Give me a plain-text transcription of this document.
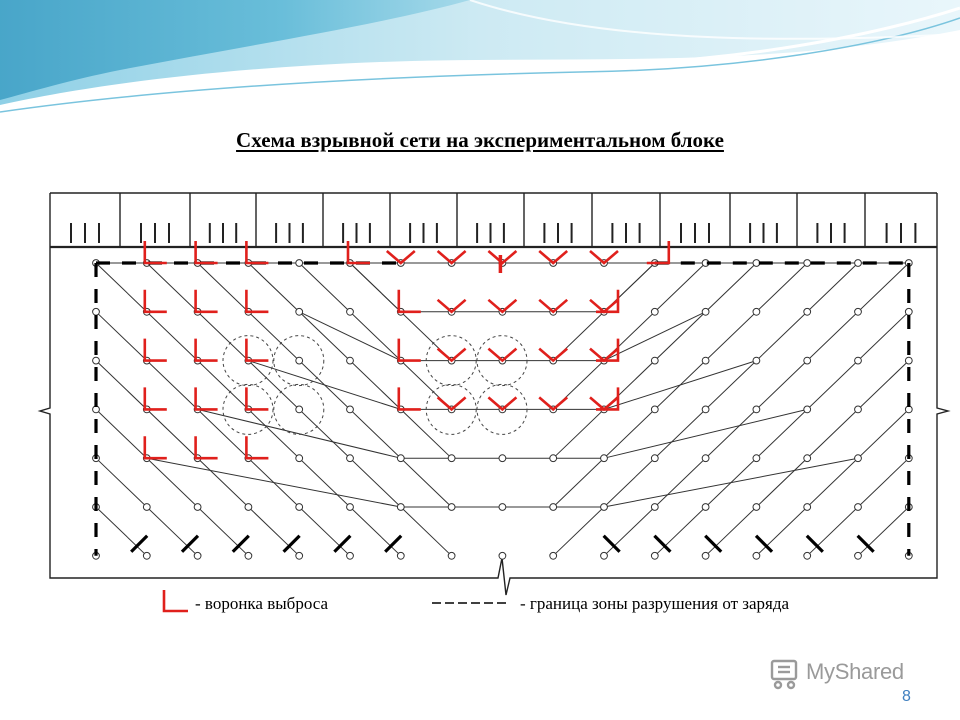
Схема взрывной сети на экспериментальном блоке
- воронка выброса	- граница зоны разрушения от заряда
MyShared
8
